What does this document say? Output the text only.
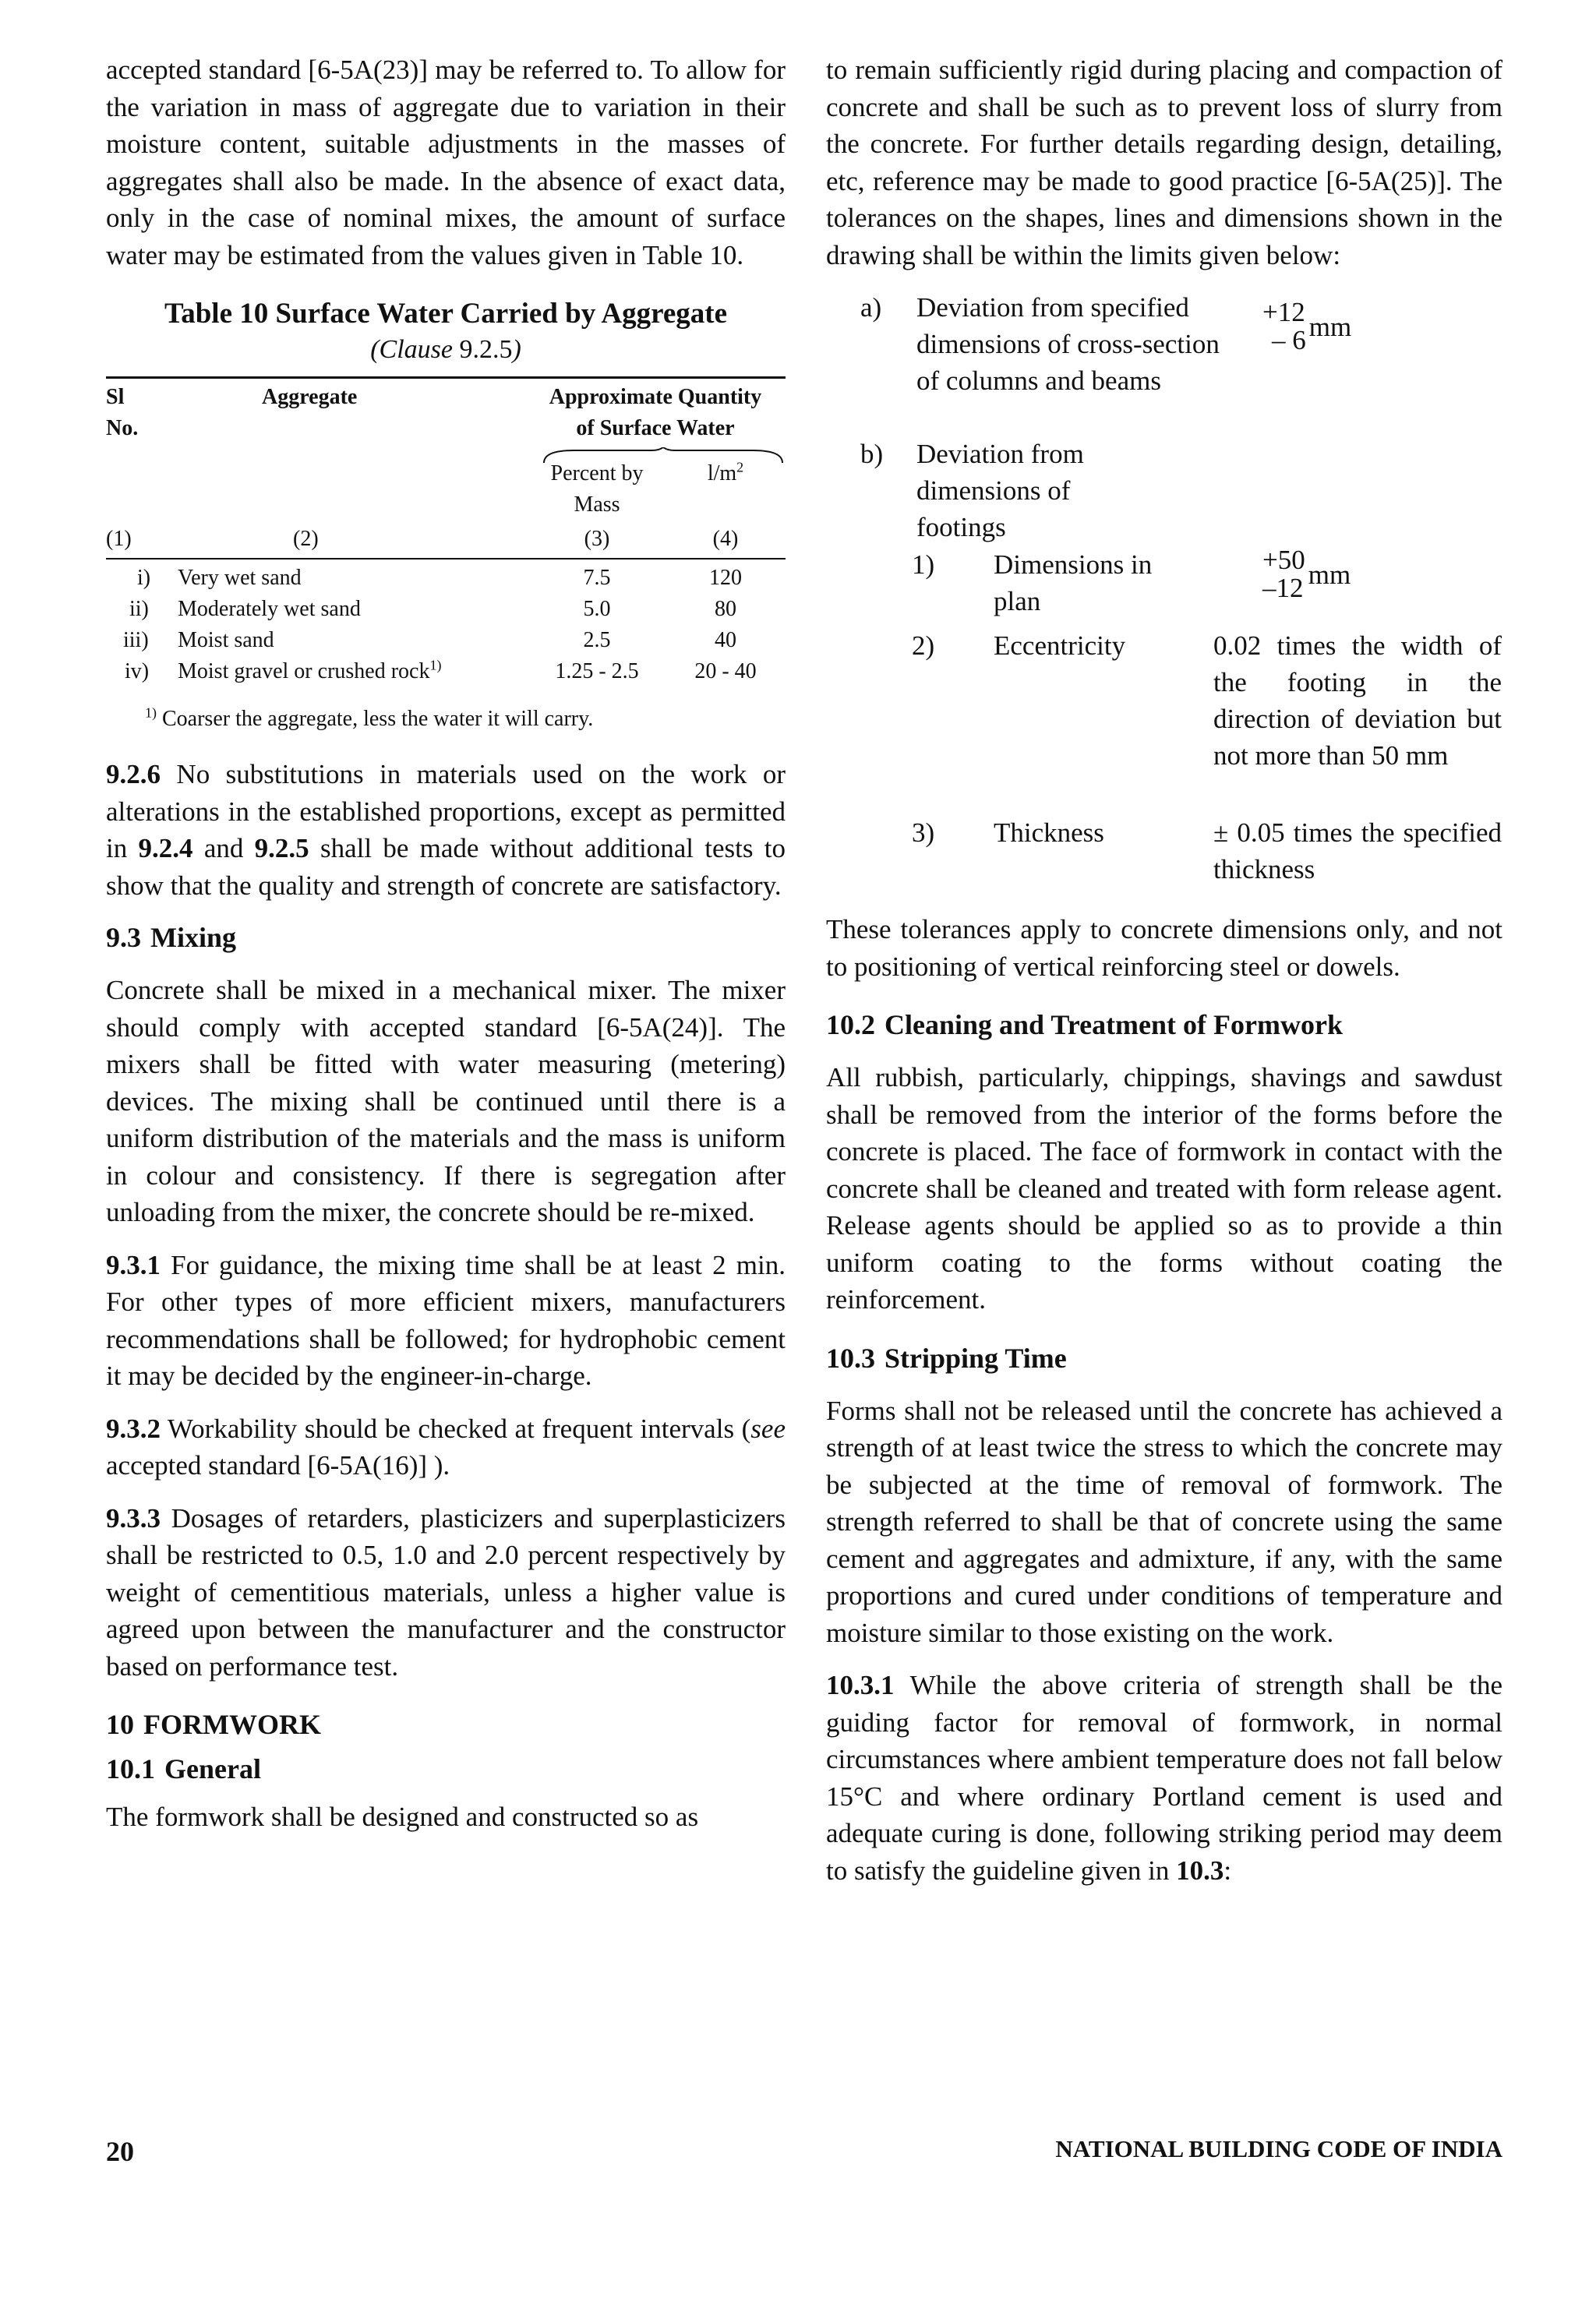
accepted standard [6-5A(23)] may be referred to. To allow for the variation in mass of aggregate due to variation in their moisture content, suitable adjustments in the masses of aggregates shall also be made. In the absence of exact data, only in the case of nominal mixes, the amount of surface water may be estimated from the values given in Table 10.

Table 10 Surface Water Carried by Aggregate
(Clause 9.2.5)
Sl	Aggregate	Approximate Quantity
No.	of Surface Water
Percent by	$l/m^2$
Mass
(1)	(2)	(3)	(4)
i)	Very wet sand	7.5	120
ii)	Moderately wet sand	5.0	80
iii)	Moist sand	2.5	40
iv)	Moist gravel or crushed rock$^{1)}$	1.25 - 2.5	20 - 40
$^{1)}$ Coarser the aggregate, less the water it will carry.

9.2.6 No substitutions in materials used on the work or alterations in the established proportions, except as permitted in 9.2.4 and 9.2.5 shall be made without additional tests to show that the quality and strength of concrete are satisfactory.

9.3 Mixing

Concrete shall be mixed in a mechanical mixer. The mixer should comply with accepted standard [6-5A(24)]. The mixers shall be fitted with water measuring (metering) devices. The mixing shall be continued until there is a uniform distribution of the materials and the mass is uniform in colour and consistency. If there is segregation after unloading from the mixer, the concrete should be re-mixed.

9.3.1 For guidance, the mixing time shall be at least 2 min. For other types of more efficient mixers, manufacturers recommendations shall be followed; for hydrophobic cement it may be decided by the engineer-in-charge.

9.3.2 Workability should be checked at frequent intervals (see accepted standard [6-5A(16)] ).

9.3.3 Dosages of retarders, plasticizers and superplasticizers shall be restricted to 0.5, 1.0 and 2.0 percent respectively by weight of cementitious materials, unless a higher value is agreed upon between the manufacturer and the constructor based on performance test.

10 FORMWORK
10.1 General

The formwork shall be designed and constructed so as

to remain sufficiently rigid during placing and compaction of concrete and shall be such as to prevent loss of slurry from the concrete. For further details regarding design, detailing, etc, reference may be made to good practice [6-5A(25)]. The tolerances on the shapes, lines and dimensions shown in the drawing shall be within the limits given below:

a) Deviation from specified dimensions of cross-section of columns and beams
+12
– 6 mm
b) Deviation from dimensions of footings
1) Dimensions in plan
+50
–12 mm
2) Eccentricity	0.02 times the width of the footing in the direction of deviation but not more than 50 mm
3) Thickness	± 0.05 times the specified thickness

These tolerances apply to concrete dimensions only, and not to positioning of vertical reinforcing steel or dowels.

10.2 Cleaning and Treatment of Formwork

All rubbish, particularly, chippings, shavings and sawdust shall be removed from the interior of the forms before the concrete is placed. The face of formwork in contact with the concrete shall be cleaned and treated with form release agent. Release agents should be applied so as to provide a thin uniform coating to the forms without coating the reinforcement.

10.3 Stripping Time

Forms shall not be released until the concrete has achieved a strength of at least twice the stress to which the concrete may be subjected at the time of removal of formwork. The strength referred to shall be that of concrete using the same cement and aggregates and admixture, if any, with the same proportions and cured under conditions of temperature and moisture similar to those existing on the work.

10.3.1 While the above criteria of strength shall be the guiding factor for removal of formwork, in normal circumstances where ambient temperature does not fall below 15°C and where ordinary Portland cement is used and adequate curing is done, following striking period may deem to satisfy the guideline given in 10.3:

20	NATIONAL BUILDING CODE OF INDIA
